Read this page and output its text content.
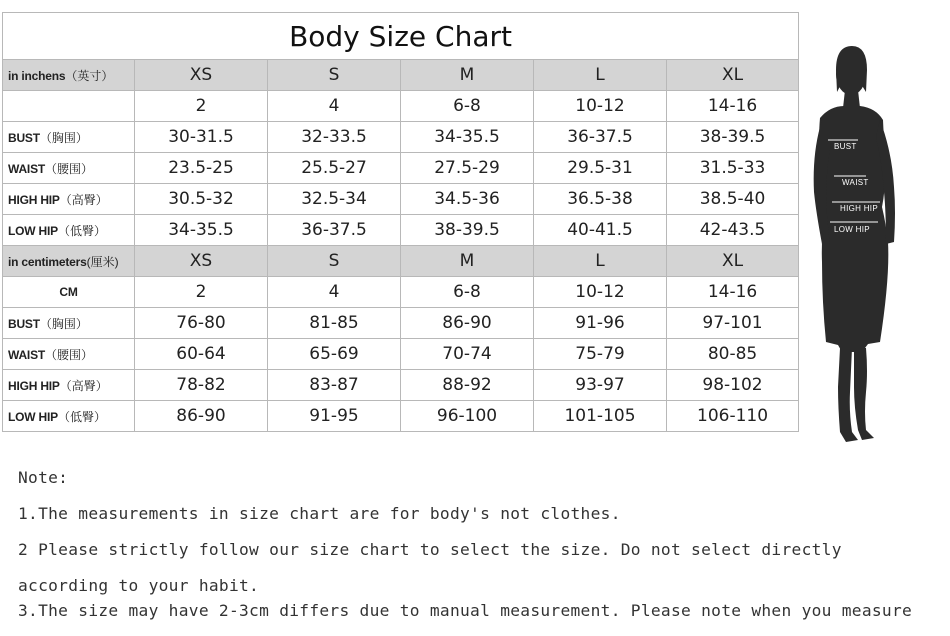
Body Size Chart					
in inchens（英寸）	XS	S	M	L	XL
	2	4	6-8	10-12	14-16
BUST（胸围）	30-31.5	32-33.5	34-35.5	36-37.5	38-39.5
WAIST（腰围）	23.5-25	25.5-27	27.5-29	29.5-31	31.5-33
HIGH HIP（高臀）	30.5-32	32.5-34	34.5-36	36.5-38	38.5-40
LOW HIP（低臀）	34-35.5	36-37.5	38-39.5	40-41.5	42-43.5
in centimeters(厘米)	XS	S	M	L	XL
CM	2	4	6-8	10-12	14-16
BUST（胸围）	76-80	81-85	86-90	91-96	97-101
WAIST（腰围）	60-64	65-69	70-74	75-79	80-85
HIGH HIP（高臀）	78-82	83-87	88-92	93-97	98-102
LOW HIP（低臀）	86-90	91-95	96-100	101-105	106-110
BUST
WAIST
HIGH HIP
LOW HIP

Note:

1.The measurements in size chart are for body's not clothes.

2 Please strictly follow our size chart to select the size. Do not select directly

according to your habit.

3.The size may have 2-3cm differs due to manual measurement. Please note when you measure
